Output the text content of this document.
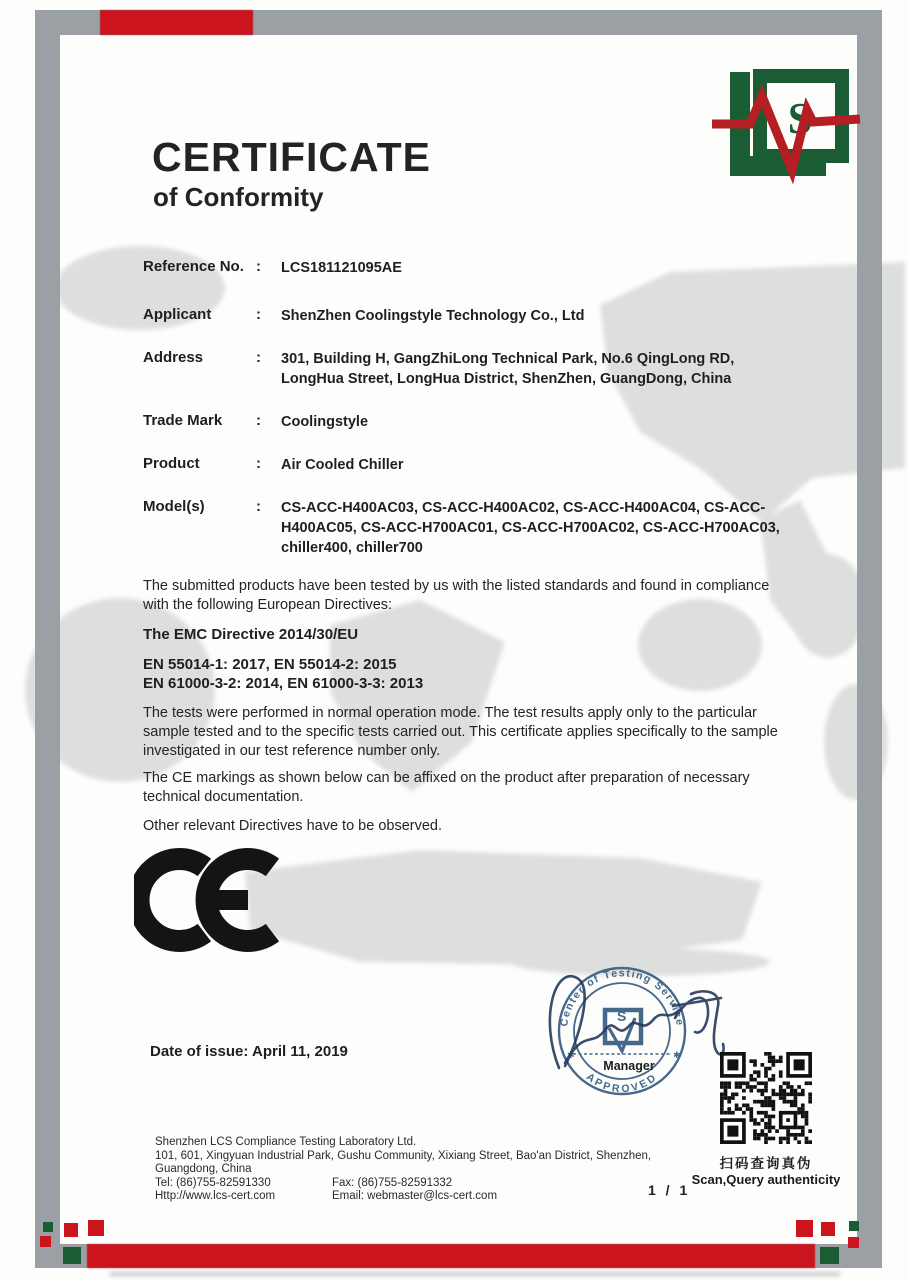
S
CERTIFICATE
of Conformity
Reference No. :	LCS181121095AE
Applicant	:	ShenZhen Coolingstyle Technology Co., Ltd
Address	:	301, Building H, GangZhiLong Technical Park, No.6 QingLong RD, LongHua Street, LongHua District, ShenZhen, GuangDong, China
Trade Mark	:	Coolingstyle
Product	:	Air Cooled Chiller
Model(s)	:	CS-ACC-H400AC03, CS-ACC-H400AC02, CS-ACC-H400AC04, CS-ACC-H400AC05, CS-ACC-H700AC01, CS-ACC-H700AC02, CS-ACC-H700AC03, chiller400, chiller700
The submitted products have been tested by us with the listed standards and found in compliance with the following European Directives:
The EMC Directive 2014/30/EU
EN 55014-1: 2017, EN 55014-2: 2015
EN 61000-3-2: 2014, EN 61000-3-3: 2013
The tests were performed in normal operation mode. The test results apply only to the particular sample tested and to the specific tests carried out. This certificate applies specifically to the sample investigated in our test reference number only.
The CE markings as shown below can be affixed on the product after preparation of necessary technical documentation.
Other relevant Directives have to be observed.
Center of Testing Service
APPROVED
✱	✱
S
Manager
Date of issue: April 11, 2019
扫码查询真伪
Scan,Query authenticity
1 / 1
Shenzhen LCS Compliance Testing Laboratory Ltd.
101, 601, Xingyuan Industrial Park, Gushu Community, Xixiang Street, Bao'an District, Shenzhen,
Guangdong, China
Tel: (86)755-82591330	Fax: (86)755-82591332
Http://www.lcs-cert.com	Email: webmaster@lcs-cert.com
